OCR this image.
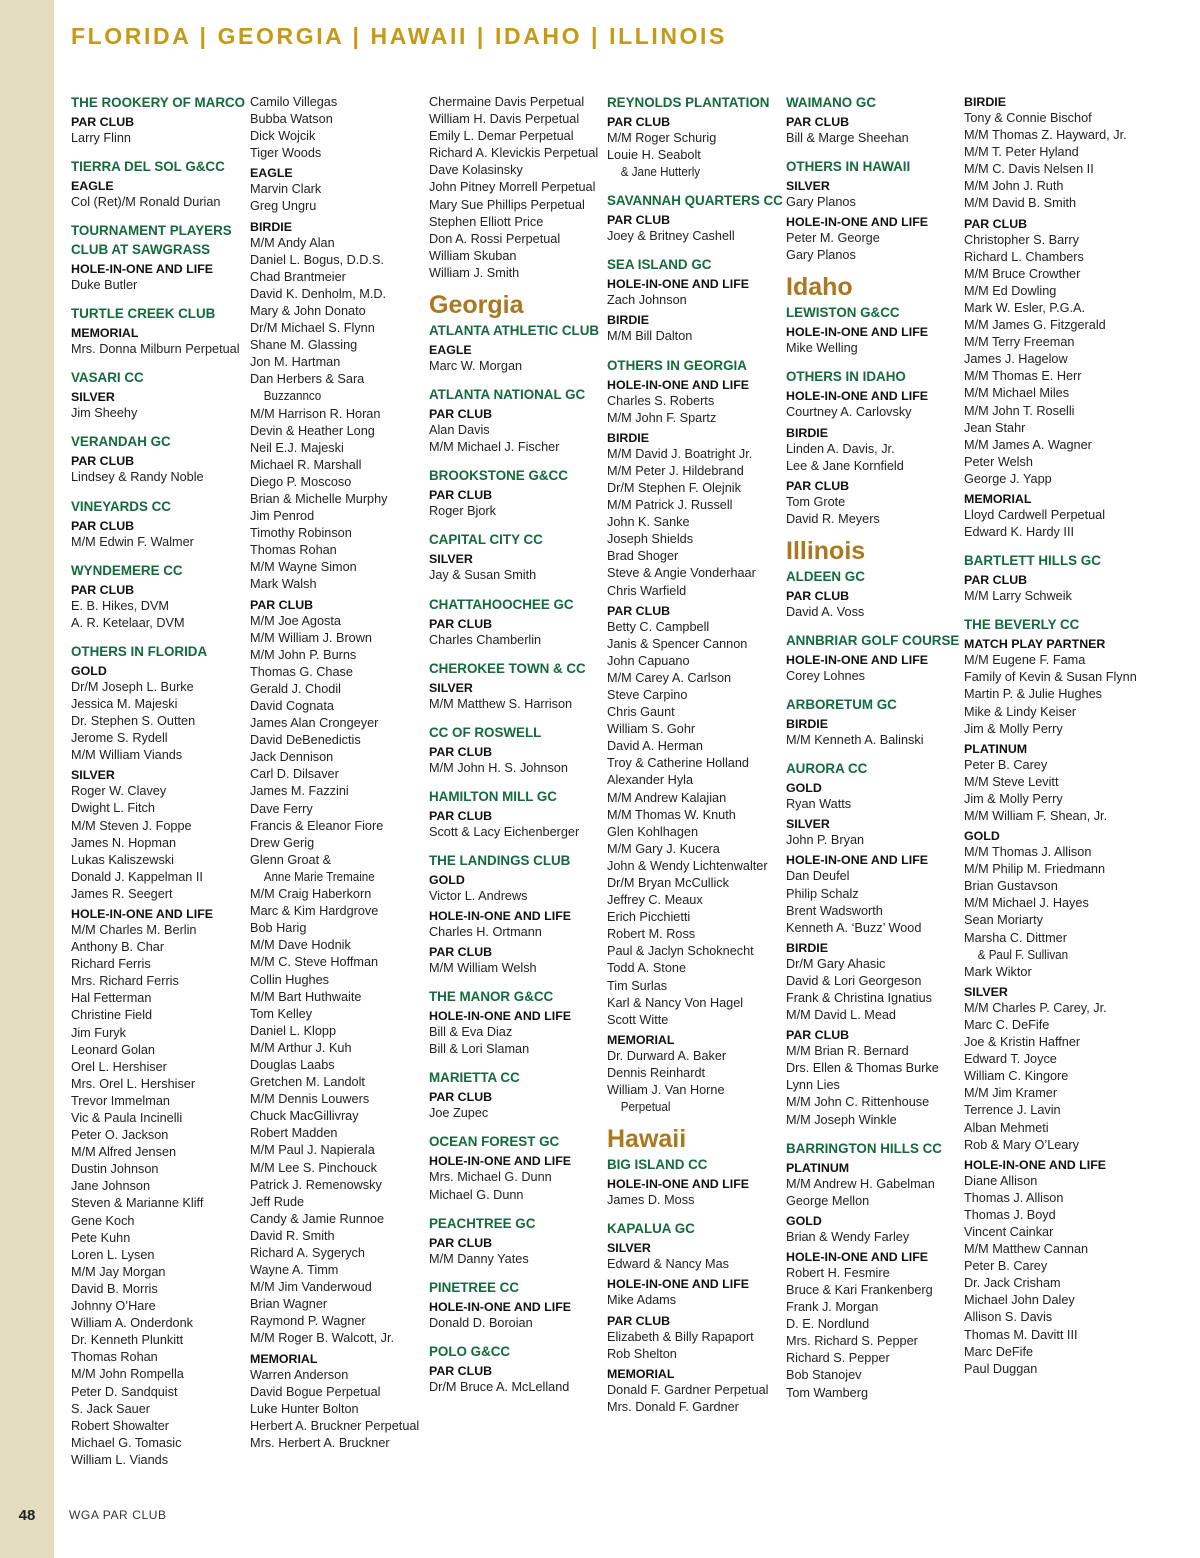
FLORIDA | GEORGIA | HAWAII | IDAHO | ILLINOIS
THE ROOKERY OF MARCO
PAR CLUB
Larry Flinn
TIERRA DEL SOL G&CC
EAGLE
Col (Ret)/M Ronald Durian
TOURNAMENT PLAYERS
CLUB AT SAWGRASS
HOLE-IN-ONE AND LIFE
Duke Butler
TURTLE CREEK CLUB
MEMORIAL
Mrs. Donna Milburn Perpetual
VASARI CC
SILVER
Jim Sheehy
VERANDAH GC
PAR CLUB
Lindsey & Randy Noble
VINEYARDS CC
PAR CLUB
M/M Edwin F. Walmer
WYNDEMERE CC
PAR CLUB
E. B. Hikes, DVM
A. R. Ketelaar, DVM
OTHERS IN FLORIDA
GOLD
Dr/M Joseph L. Burke
Jessica M. Majeski
Dr. Stephen S. Outten
Jerome S. Rydell
M/M William Viands
SILVER
Roger W. Clavey
Dwight L. Fitch
M/M Steven J. Foppe
James N. Hopman
Lukas Kaliszewski
Donald J. Kappelman II
James R. Seegert
HOLE-IN-ONE AND LIFE
M/M Charles M. Berlin
Anthony B. Char
Richard Ferris
Mrs. Richard Ferris
Hal Fetterman
Christine Field
Jim Furyk
Leonard Golan
Orel L. Hershiser
Mrs. Orel L. Hershiser
Trevor Immelman
Vic & Paula Incinelli
Peter O. Jackson
M/M Alfred Jensen
Dustin Johnson
Jane Johnson
Steven & Marianne Kliff
Gene Koch
Pete Kuhn
Loren L. Lysen
M/M Jay Morgan
David B. Morris
Johnny O’Hare
William A. Onderdonk
Dr. Kenneth Plunkitt
Thomas Rohan
M/M John Rompella
Peter D. Sandquist
S. Jack Sauer
Robert Showalter
Michael G. Tomasic
William L. Viands
Camilo Villegas
Bubba Watson
Dick Wojcik
Tiger Woods
EAGLE
Marvin Clark
Greg Ungru
BIRDIE
M/M Andy Alan
Daniel L. Bogus, D.D.S.
Chad Brantmeier
David K. Denholm, M.D.
Mary & John Donato
Dr/M Michael S. Flynn
Shane M. Glassing
Jon M. Hartman
Dan Herbers & Sara
Buzzannco
M/M Harrison R. Horan
Devin & Heather Long
Neil E.J. Majeski
Michael R. Marshall
Diego P. Moscoso
Brian & Michelle Murphy
Jim Penrod
Timothy Robinson
Thomas Rohan
M/M Wayne Simon
Mark Walsh
PAR CLUB
M/M Joe Agosta
M/M William J. Brown
M/M John P. Burns
Thomas G. Chase
Gerald J. Chodil
David Cognata
James Alan Crongeyer
David DeBenedictis
Jack Dennison
Carl D. Dilsaver
James M. Fazzini
Dave Ferry
Francis & Eleanor Fiore
Drew Gerig
Glenn Groat &
Anne Marie Tremaine
M/M Craig Haberkorn
Marc & Kim Hardgrove
Bob Harig
M/M Dave Hodnik
M/M C. Steve Hoffman
Collin Hughes
M/M Bart Huthwaite
Tom Kelley
Daniel L. Klopp
M/M Arthur J. Kuh
Douglas Laabs
Gretchen M. Landolt
M/M Dennis Louwers
Chuck MacGillivray
Robert Madden
M/M Paul J. Napierala
M/M Lee S. Pinchouck
Patrick J. Remenowsky
Jeff Rude
Candy & Jamie Runnoe
David R. Smith
Richard A. Sygerych
Wayne A. Timm
M/M Jim Vanderwoud
Brian Wagner
Raymond P. Wagner
M/M Roger B. Walcott, Jr.
MEMORIAL
Warren Anderson
David Bogue Perpetual
Luke Hunter Bolton
Herbert A. Bruckner Perpetual
Mrs. Herbert A. Bruckner
Chermaine Davis Perpetual
William H. Davis Perpetual
Emily L. Demar Perpetual
Richard A. Klevickis Perpetual
Dave Kolasinsky
John Pitney Morrell Perpetual
Mary Sue Phillips Perpetual
Stephen Elliott Price
Don A. Rossi Perpetual
William Skuban
William J. Smith
Georgia
ATLANTA ATHLETIC CLUB
EAGLE
Marc W. Morgan
ATLANTA NATIONAL GC
PAR CLUB
Alan Davis
M/M Michael J. Fischer
BROOKSTONE G&CC
PAR CLUB
Roger Bjork
CAPITAL CITY CC
SILVER
Jay & Susan Smith
CHATTAHOOCHEE GC
PAR CLUB
Charles Chamberlin
CHEROKEE TOWN & CC
SILVER
M/M Matthew S. Harrison
CC OF ROSWELL
PAR CLUB
M/M John H. S. Johnson
HAMILTON MILL GC
PAR CLUB
Scott & Lacy Eichenberger
THE LANDINGS CLUB
GOLD
Victor L. Andrews
HOLE-IN-ONE AND LIFE
Charles H. Ortmann
PAR CLUB
M/M William Welsh
THE MANOR G&CC
HOLE-IN-ONE AND LIFE
Bill & Eva Diaz
Bill & Lori Slaman
MARIETTA CC
PAR CLUB
Joe Zupec
OCEAN FOREST GC
HOLE-IN-ONE AND LIFE
Mrs. Michael G. Dunn
Michael G. Dunn
PEACHTREE GC
PAR CLUB
M/M Danny Yates
PINETREE CC
HOLE-IN-ONE AND LIFE
Donald D. Boroian
POLO G&CC
PAR CLUB
Dr/M Bruce A. McLelland
REYNOLDS PLANTATION
PAR CLUB
M/M Roger Schurig
Louie H. Seabolt
& Jane Hutterly
SAVANNAH QUARTERS CC
PAR CLUB
Joey & Britney Cashell
SEA ISLAND GC
HOLE-IN-ONE AND LIFE
Zach Johnson
BIRDIE
M/M Bill Dalton
OTHERS IN GEORGIA
HOLE-IN-ONE AND LIFE
Charles S. Roberts
M/M John F. Spartz
BIRDIE
M/M David J. Boatright Jr.
M/M Peter J. Hildebrand
Dr/M Stephen F. Olejnik
M/M Patrick J. Russell
John K. Sanke
Joseph Shields
Brad Shoger
Steve & Angie Vonderhaar
Chris Warfield
PAR CLUB
Betty C. Campbell
Janis & Spencer Cannon
John Capuano
M/M Carey A. Carlson
Steve Carpino
Chris Gaunt
William S. Gohr
David A. Herman
Troy & Catherine Holland
Alexander Hyla
M/M Andrew Kalajian
M/M Thomas W. Knuth
Glen Kohlhagen
M/M Gary J. Kucera
John & Wendy Lichtenwalter
Dr/M Bryan McCullick
Jeffrey C. Meaux
Erich Picchietti
Robert M. Ross
Paul & Jaclyn Schoknecht
Todd A. Stone
Tim Surlas
Karl & Nancy Von Hagel
Scott Witte
MEMORIAL
Dr. Durward A. Baker
Dennis Reinhardt
William J. Van Horne
Perpetual
Hawaii
BIG ISLAND CC
HOLE-IN-ONE AND LIFE
James D. Moss
KAPALUA GC
SILVER
Edward & Nancy Mas
HOLE-IN-ONE AND LIFE
Mike Adams
PAR CLUB
Elizabeth & Billy Rapaport
Rob Shelton
MEMORIAL
Donald F. Gardner Perpetual
Mrs. Donald F. Gardner
WAIMANO GC
PAR CLUB
Bill & Marge Sheehan
OTHERS IN HAWAII
SILVER
Gary Planos
HOLE-IN-ONE AND LIFE
Peter M. George
Gary Planos
Idaho
LEWISTON G&CC
HOLE-IN-ONE AND LIFE
Mike Welling
OTHERS IN IDAHO
HOLE-IN-ONE AND LIFE
Courtney A. Carlovsky
BIRDIE
Linden A. Davis, Jr.
Lee & Jane Kornfield
PAR CLUB
Tom Grote
David R. Meyers
Illinois
ALDEEN GC
PAR CLUB
David A. Voss
ANNBRIAR GOLF COURSE
HOLE-IN-ONE AND LIFE
Corey Lohnes
ARBORETUM GC
BIRDIE
M/M Kenneth A. Balinski
AURORA CC
GOLD
Ryan Watts
SILVER
John P. Bryan
HOLE-IN-ONE AND LIFE
Dan Deufel
Philip Schalz
Brent Wadsworth
Kenneth A. ‘Buzz’ Wood
BIRDIE
Dr/M Gary Ahasic
David & Lori Georgeson
Frank & Christina Ignatius
M/M David L. Mead
PAR CLUB
M/M Brian R. Bernard
Drs. Ellen & Thomas Burke
Lynn Lies
M/M John C. Rittenhouse
M/M Joseph Winkle
BARRINGTON HILLS CC
PLATINUM
M/M Andrew H. Gabelman
George Mellon
GOLD
Brian & Wendy Farley
HOLE-IN-ONE AND LIFE
Robert H. Fesmire
Bruce & Kari Frankenberg
Frank J. Morgan
D. E. Nordlund
Mrs. Richard S. Pepper
Richard S. Pepper
Bob Stanojev
Tom Wamberg
BIRDIE
Tony & Connie Bischof
M/M Thomas Z. Hayward, Jr.
M/M T. Peter Hyland
M/M C. Davis Nelsen II
M/M John J. Ruth
M/M David B. Smith
PAR CLUB
Christopher S. Barry
Richard L. Chambers
M/M Bruce Crowther
M/M Ed Dowling
Mark W. Esler, P.G.A.
M/M James G. Fitzgerald
M/M Terry Freeman
James J. Hagelow
M/M Thomas E. Herr
M/M Michael Miles
M/M John T. Roselli
Jean Stahr
M/M James A. Wagner
Peter Welsh
George J. Yapp
MEMORIAL
Lloyd Cardwell Perpetual
Edward K. Hardy III
BARTLETT HILLS GC
PAR CLUB
M/M Larry Schweik
THE BEVERLY CC
MATCH PLAY PARTNER
M/M Eugene F. Fama
Family of Kevin & Susan Flynn
Martin P. & Julie Hughes
Mike & Lindy Keiser
Jim & Molly Perry
PLATINUM
Peter B. Carey
M/M Steve Levitt
Jim & Molly Perry
M/M William F. Shean, Jr.
GOLD
M/M Thomas J. Allison
M/M Philip M. Friedmann
Brian Gustavson
M/M Michael J. Hayes
Sean Moriarty
Marsha C. Dittmer
& Paul F. Sullivan
Mark Wiktor
SILVER
M/M Charles P. Carey, Jr.
Marc C. DeFife
Joe & Kristin Haffner
Edward T. Joyce
William C. Kingore
M/M Jim Kramer
Terrence J. Lavin
Alban Mehmeti
Rob & Mary O’Leary
HOLE-IN-ONE AND LIFE
Diane Allison
Thomas J. Allison
Thomas J. Boyd
Vincent Cainkar
M/M Matthew Cannan
Peter B. Carey
Dr. Jack Crisham
Michael John Daley
Allison S. Davis
Thomas M. Davitt III
Marc DeFife
Paul Duggan
48	WGA PAR CLUB
